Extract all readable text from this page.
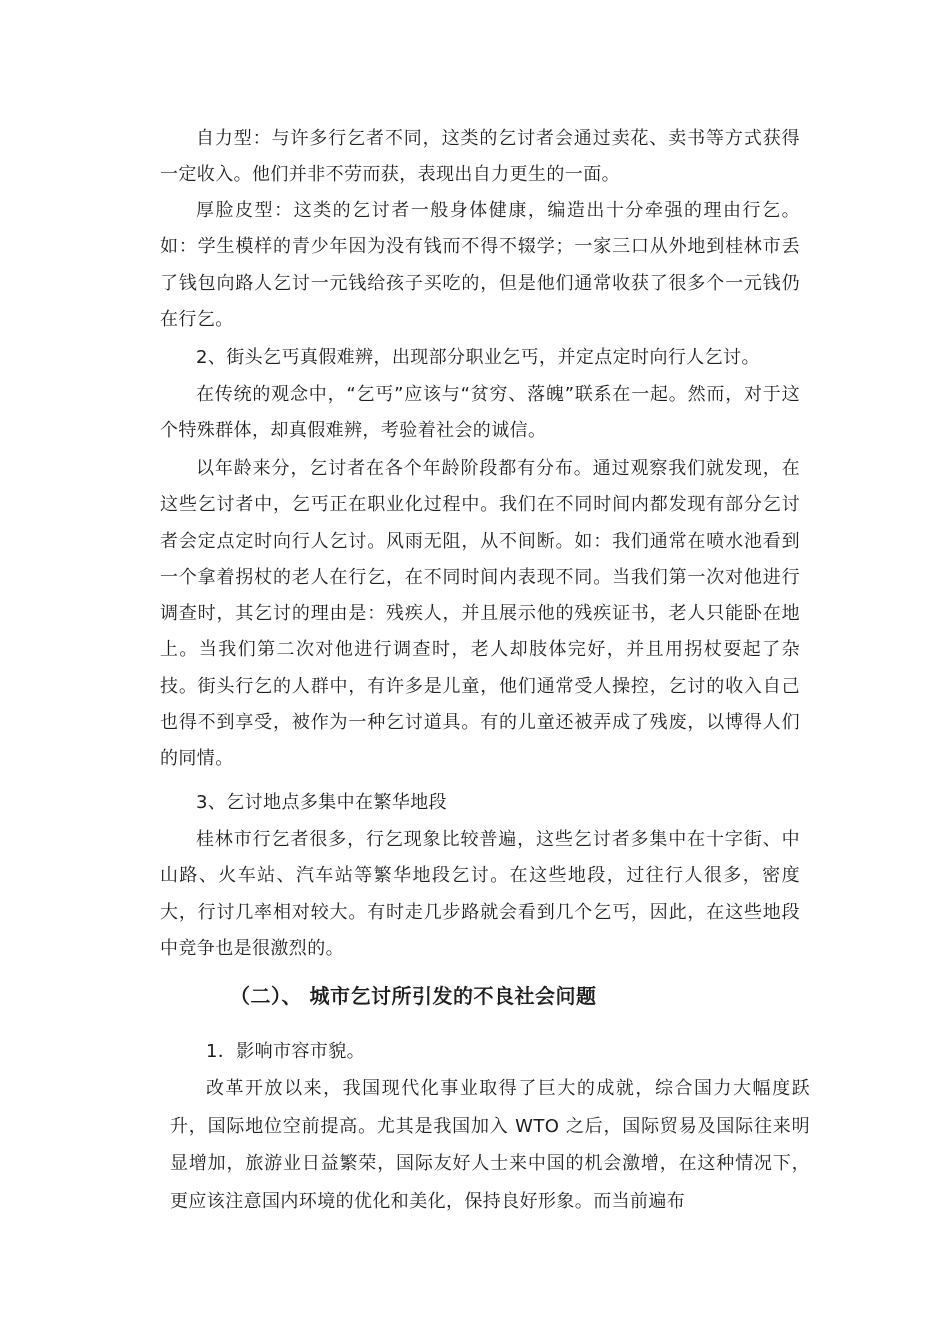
自力型：与许多行乞者不同，这类的乞讨者会通过卖花、卖书等方式获得一定收入。他们并非不劳而获，表现出自力更生的一面。

厚脸皮型：这类的乞讨者一般身体健康，编造出十分牵强的理由行乞。如：学生模样的青少年因为没有钱而不得不辍学；一家三口从外地到桂林市丢了钱包向路人乞讨一元钱给孩子买吃的，但是他们通常收获了很多个一元钱仍在行乞。

2、街头乞丐真假难辨，出现部分职业乞丐，并定点定时向行人乞讨。

在传统的观念中，“乞丐”应该与“贫穷、落魄”联系在一起。然而，对于这个特殊群体，却真假难辨，考验着社会的诚信。

以年龄来分，乞讨者在各个年龄阶段都有分布。通过观察我们就发现，在这些乞讨者中，乞丐正在职业化过程中。我们在不同时间内都发现有部分乞讨者会定点定时向行人乞讨。风雨无阻，从不间断。如：我们通常在喷水池看到一个拿着拐杖的老人在行乞，在不同时间内表现不同。当我们第一次对他进行调查时，其乞讨的理由是：残疾人，并且展示他的残疾证书，老人只能卧在地上。当我们第二次对他进行调查时，老人却肢体完好，并且用拐杖耍起了杂技。街头行乞的人群中，有许多是儿童，他们通常受人操控，乞讨的收入自己也得不到享受，被作为一种乞讨道具。有的儿童还被弄成了残废，以博得人们的同情。

3、乞讨地点多集中在繁华地段

桂林市行乞者很多，行乞现象比较普遍，这些乞讨者多集中在十字街、中山路、火车站、汽车站等繁华地段乞讨。在这些地段，过往行人很多，密度大，行讨几率相对较大。有时走几步路就会看到几个乞丐，因此，在这些地段中竞争也是很激烈的。

（二）、 城市乞讨所引发的不良社会问题

1．影响市容市貌。

改革开放以来，我国现代化事业取得了巨大的成就，综合国力大幅度跃升，国际地位空前提高。尤其是我国加入 WTO 之后，国际贸易及国际往来明显增加，旅游业日益繁荣，国际友好人士来中国的机会激增，在这种情况下，更应该注意国内环境的优化和美化，保持良好形象。而当前遍布
